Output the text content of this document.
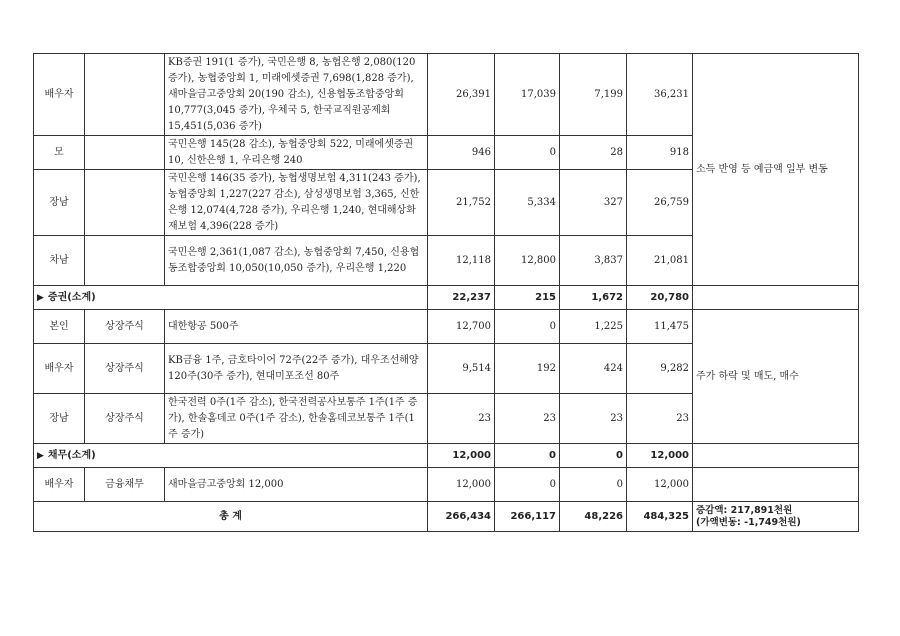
배우자		KB증권 191(1 증가), 국민은행 8, 농협은행 2,080(120 증가), 농협중앙회 1, 미래에셋증권 7,698(1,828 증가), 새마을금고중앙회 20(190 감소), 신용협동조합중앙회 10,777(3,045 증가), 우체국 5, 한국교직원공제회 15,451(5,036 증가)	26,391	17,039	7,199	36,231	소득 반영 등 예금액 일부 변동
모		국민은행 145(28 감소), 농협중앙회 522, 미래에셋증권 10, 신한은행 1, 우리은행 240	946	0	28	918	
장남		국민은행 146(35 증가), 농협생명보험 4,311(243 증가), 농협중앙회 1,227(227 감소), 삼성생명보험 3,365, 신한은행 12,074(4,728 증가), 우리은행 1,240, 현대해상화재보험 4,396(228 증가)	21,752	5,334	327	26,759	
차남		국민은행 2,361(1,087 감소), 농협중앙회 7,450, 신용협동조합중앙회 10,050(10,050 증가), 우리은행 1,220	12,118	12,800	3,837	21,081	
▶ 증권(소계)			22,237	215	1,672	20,780	
본인	상장주식	대한항공 500주	12,700	0	1,225	11,475	주가 하락 및 매도, 매수
배우자	상장주식	KB금융 1주, 금호타이어 72주(22주 증가), 대우조선해양 120주(30주 증가), 현대미포조선 80주	9,514	192	424	9,282	
장남	상장주식	한국전력 0주(1주 감소), 한국전력공사보통주 1주(1주 증가), 한솔홈데코 0주(1주 감소), 한솔홈데코보통주 1주(1주 증가)	23	23	23	23	
▶ 채무(소계)			12,000	0	0	12,000	
배우자	금융채무	새마을금고중앙회 12,000	12,000	0	0	12,000	
총 계			266,434	266,117	48,226	484,325	증감액: 217,891천원
(가액변동: -1,749천원)
